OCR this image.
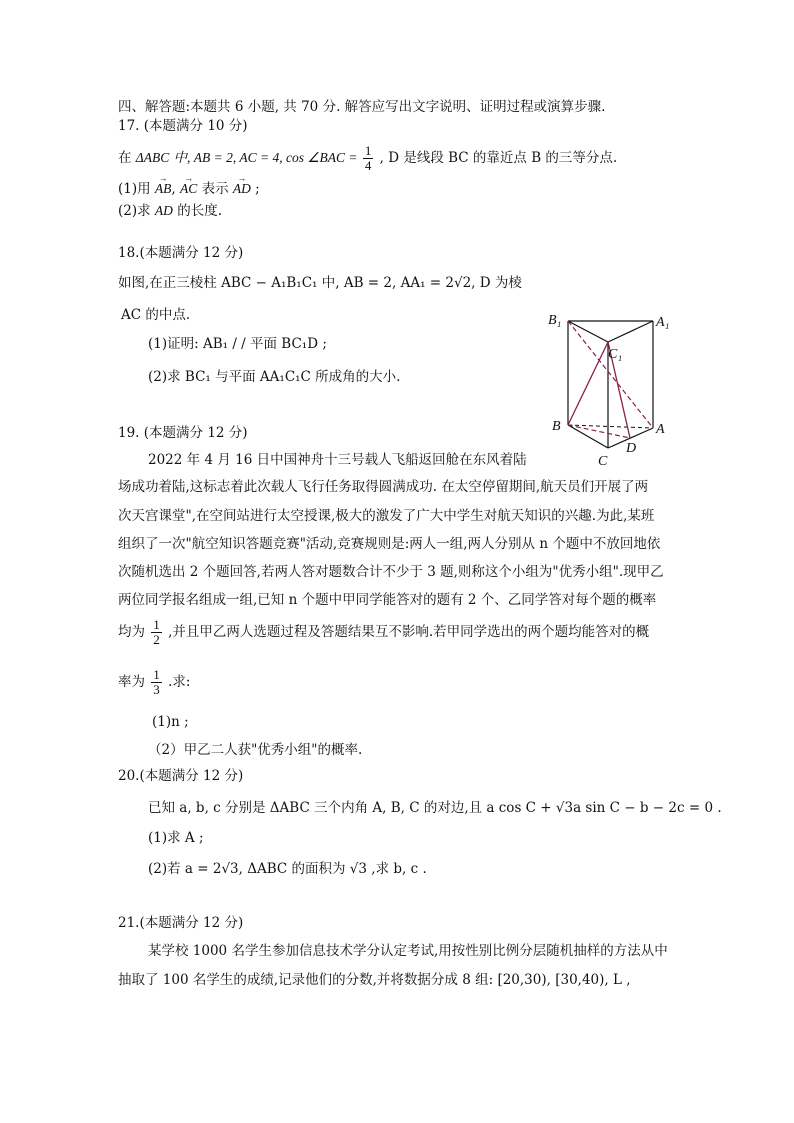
四、解答题:本题共 6 小题, 共 70 分. 解答应写出文字说明、证明过程或演算步骤.
17. (本题满分 10 分)
在 ΔABC 中, AB = 2, AC = 4, cos ∠BAC = $\frac{1}{4}$ , D 是线段 BC 的靠近点 B 的三等分点.
(1)用 → AB, → AC 表示 → AD ;
(2)求 AD 的长度.
18.(本题满分 12 分)
如图,在正三棱柱 ABC − A₁B₁C₁ 中, AB = 2, AA₁ = 2√2, D 为棱
AC 的中点.
(1)证明: AB₁ / / 平面 BC₁D ;
(2)求 BC₁ 与平面 AA₁C₁C 所成角的大小.
B₁	A₁
C₁
B	A
D
C
19. (本题满分 12 分)
2022 年 4 月 16 日中国神舟十三号载人飞船返回舱在东风着陆
场成功着陆,这标志着此次载人飞行任务取得圆满成功. 在太空停留期间,航天员们开展了两
次天宫课堂",在空间站进行太空授课,极大的激发了广大中学生对航天知识的兴趣.为此,某班
组织了一次"航空知识答题竞赛"活动,竞赛规则是:两人一组,两人分别从 n 个题中不放回地依
次随机选出 2 个题回答,若两人答对题数合计不少于 3 题,则称这个小组为"优秀小组".现甲乙
两位同学报名组成一组,已知 n 个题中甲同学能答对的题有 2 个、乙同学答对每个题的概率
均为 $\frac{1}{2}$ ,并且甲乙两人选题过程及答题结果互不影响.若甲同学选出的两个题均能答对的概
率为 $\frac{1}{3}$ .求:
(1)n ;
（2）甲乙二人获"优秀小组"的概率.
20.(本题满分 12 分)
已知 a, b, c 分别是 ΔABC 三个内角 A, B, C 的对边,且 a cos C + √3a sin C − b − 2c = 0 .
(1)求 A ;
(2)若 a = 2√3, ΔABC 的面积为 √3 ,求 b, c .
21.(本题满分 12 分)
某学校 1000 名学生参加信息技术学分认定考试,用按性别比例分层随机抽样的方法从中
抽取了 100 名学生的成绩,记录他们的分数,并将数据分成 8 组: [20,30), [30,40), L ,
